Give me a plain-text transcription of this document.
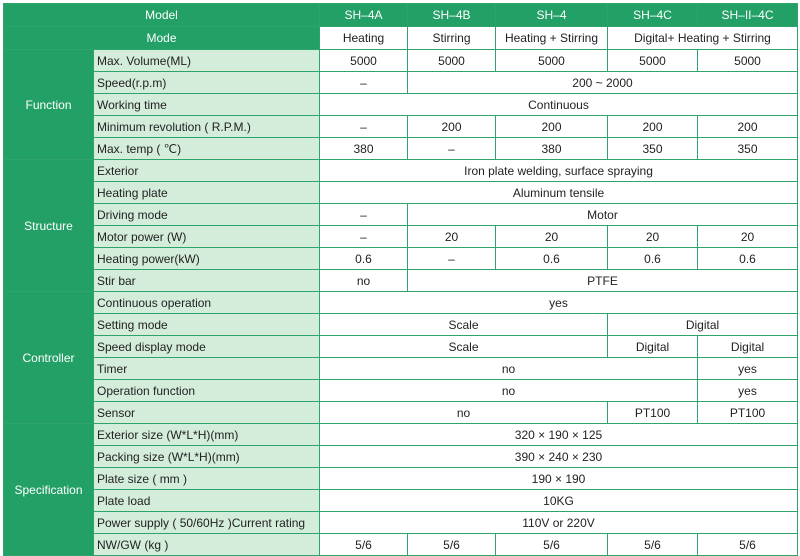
Model		SH–4A	SH–4B	SH–4	SH–4C	SH–II–4C
Mode		Heating	Stirring	Heating + Stirring	Digital+ Heating + Stirring	
Function	Max. Volume(ML)	5000	5000	5000	5000	5000
	Speed(r.p.m)	–	200 ~ 2000			
	Working time	Continuous				
	Minimum revolution ( R.P.M.)	–	200	200	200	200
	Max. temp ( ℃)	380	–	380	350	350
Structure	Exterior	Iron plate welding, surface spraying				
	Heating plate	Aluminum tensile				
	Driving mode	–	Motor			
	Motor power (W)	–	20	20	20	20
	Heating power(kW)	0.6	–	0.6	0.6	0.6
	Stir bar	no	PTFE			
Controller	Continuous operation	yes				
	Setting mode	Scale			Digital	
	Speed display mode	Scale			Digital	Digital
	Timer	no				yes
	Operation function	no				yes
	Sensor	no			PT100	PT100
Specification	Exterior size (W*L*H)(mm)	320 × 190 × 125				
	Packing size (W*L*H)(mm)	390 × 240 × 230				
	Plate size ( mm )	190 × 190				
	Plate load	10KG				
	Power supply ( 50/60Hz )Current rating	110V or 220V				
	NW/GW (kg )	5/6	5/6	5/6	5/6	5/6
